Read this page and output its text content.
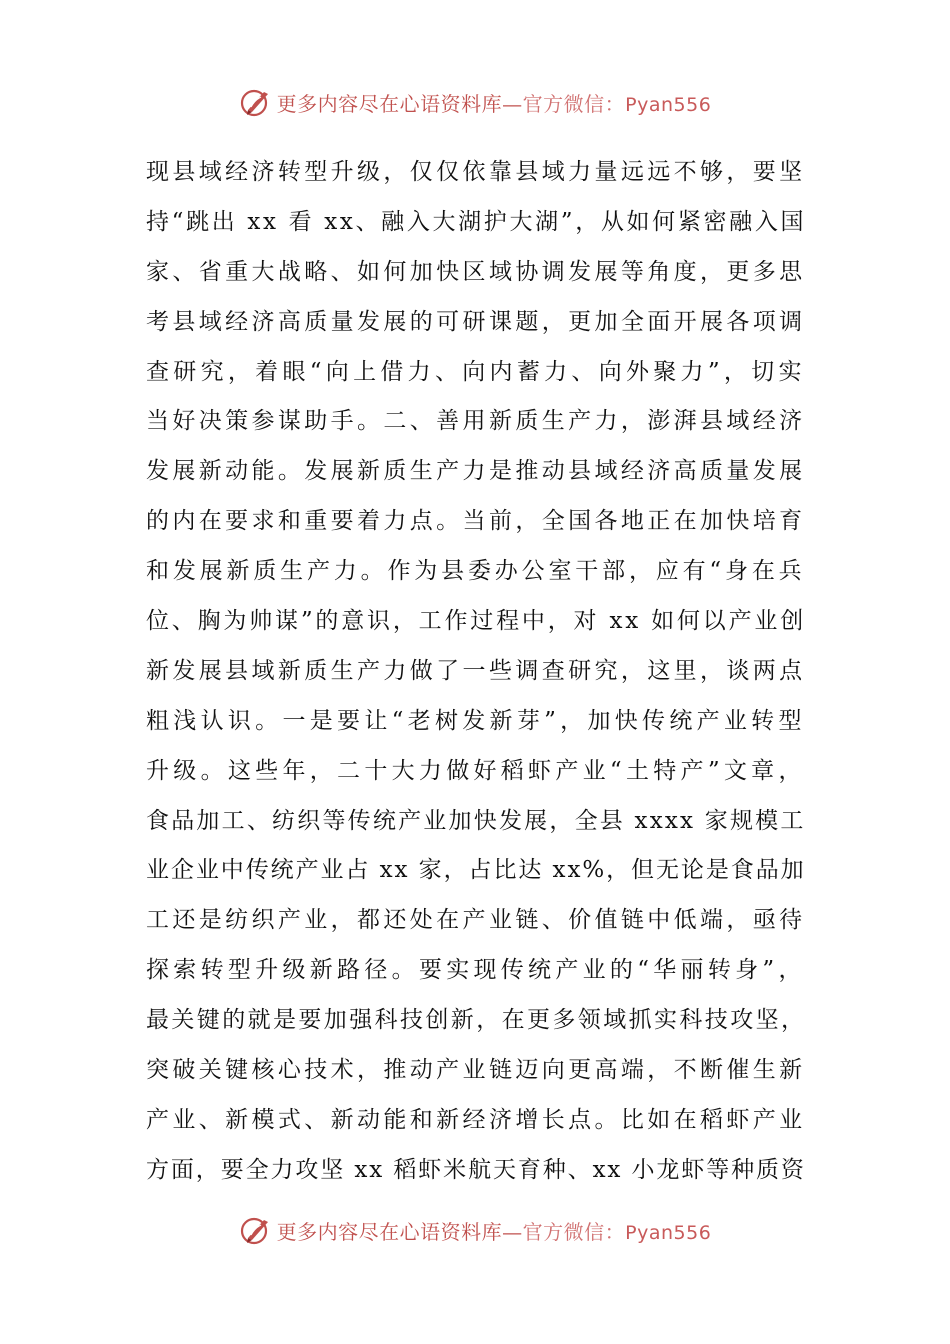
更多内容尽在心语资料库—官方微信：Pyan556
现县域经济转型升级，仅仅依靠县域力量远远不够，要坚
持“跳出 xx 看 xx、融入大湖护大湖”，从如何紧密融入国
家、省重大战略、如何加快区域协调发展等角度，更多思
考县域经济高质量发展的可研课题，更加全面开展各项调
查研究，着眼“向上借力、向内蓄力、向外聚力”，切实
当好决策参谋助手。二、善用新质生产力，澎湃县域经济
发展新动能。发展新质生产力是推动县域经济高质量发展
的内在要求和重要着力点。当前，全国各地正在加快培育
和发展新质生产力。作为县委办公室干部，应有“身在兵
位、胸为帅谋”的意识，工作过程中，对 xx 如何以产业创
新发展县域新质生产力做了一些调查研究，这里，谈两点
粗浅认识。一是要让“老树发新芽”，加快传统产业转型
升级。这些年，二十大力做好稻虾产业“土特产”文章，
食品加工、纺织等传统产业加快发展，全县 xxxx 家规模工
业企业中传统产业占 xx 家，占比达 xx%，但无论是食品加
工还是纺织产业，都还处在产业链、价值链中低端，亟待
探索转型升级新路径。要实现传统产业的“华丽转身”，
最关键的就是要加强科技创新，在更多领域抓实科技攻坚，
突破关键核心技术，推动产业链迈向更高端，不断催生新
产业、新模式、新动能和新经济增长点。比如在稻虾产业
方面，要全力攻坚 xx 稻虾米航天育种、xx 小龙虾等种质资
更多内容尽在心语资料库—官方微信：Pyan556
